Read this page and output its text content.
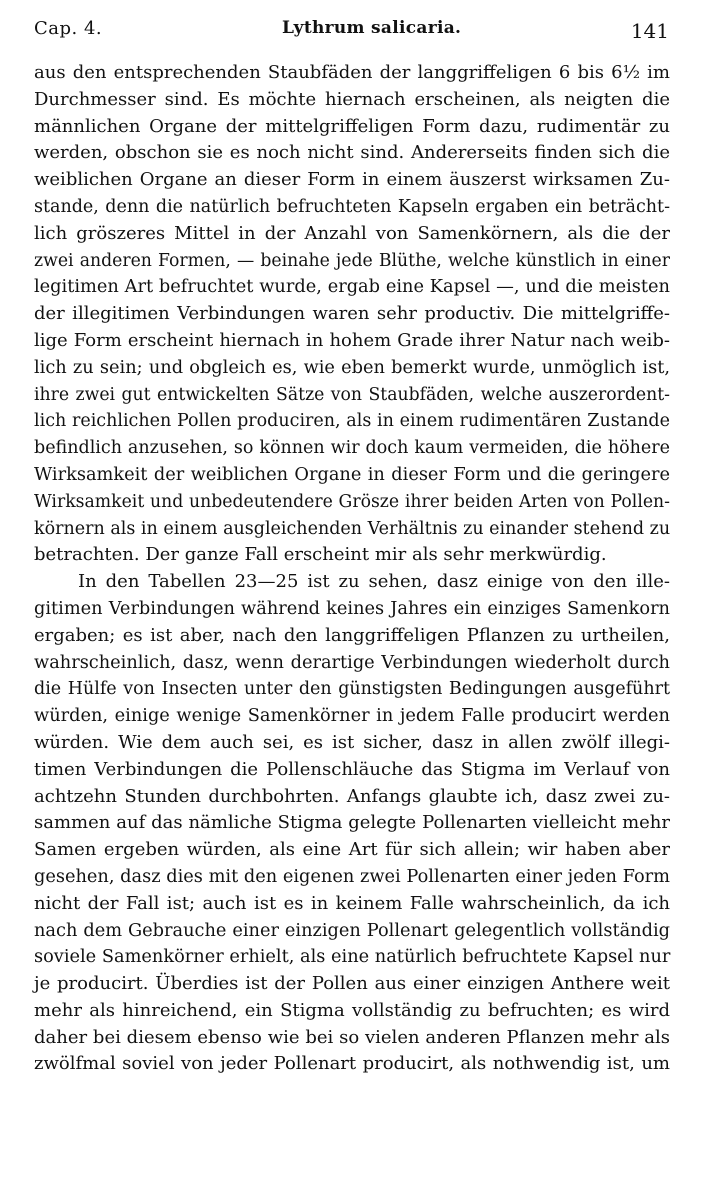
Cap. 4.	Lythrum salicaria.	141
aus den entsprechenden Staubfäden der langgriffeligen 6 bis 6½ im
Durchmesser sind. Es möchte hiernach erscheinen, als neigten die
männlichen Organe der mittelgriffeligen Form dazu, rudimentär zu
werden, obschon sie es noch nicht sind. Andererseits finden sich die
weiblichen Organe an dieser Form in einem äuszerst wirksamen Zu-
stande, denn die natürlich befruchteten Kapseln ergaben ein beträcht-
lich gröszeres Mittel in der Anzahl von Samenkörnern, als die der
zwei anderen Formen, — beinahe jede Blüthe, welche künstlich in einer
legitimen Art befruchtet wurde, ergab eine Kapsel —, und die meisten
der illegitimen Verbindungen waren sehr productiv. Die mittelgriffe-
lige Form erscheint hiernach in hohem Grade ihrer Natur nach weib-
lich zu sein; und obgleich es, wie eben bemerkt wurde, unmöglich ist,
ihre zwei gut entwickelten Sätze von Staubfäden, welche auszerordent-
lich reichlichen Pollen produciren, als in einem rudimentären Zustande
befindlich anzusehen, so können wir doch kaum vermeiden, die höhere
Wirksamkeit der weiblichen Organe in dieser Form und die geringere
Wirksamkeit und unbedeutendere Grösze ihrer beiden Arten von Pollen-
körnern als in einem ausgleichenden Verhältnis zu einander stehend zu
betrachten. Der ganze Fall erscheint mir als sehr merkwürdig.
In den Tabellen 23—25 ist zu sehen, dasz einige von den ille-
gitimen Verbindungen während keines Jahres ein einziges Samenkorn
ergaben; es ist aber, nach den langgriffeligen Pflanzen zu urtheilen,
wahrscheinlich, dasz, wenn derartige Verbindungen wiederholt durch
die Hülfe von Insecten unter den günstigsten Bedingungen ausgeführt
würden, einige wenige Samenkörner in jedem Falle producirt werden
würden. Wie dem auch sei, es ist sicher, dasz in allen zwölf illegi-
timen Verbindungen die Pollenschläuche das Stigma im Verlauf von
achtzehn Stunden durchbohrten. Anfangs glaubte ich, dasz zwei zu-
sammen auf das nämliche Stigma gelegte Pollenarten vielleicht mehr
Samen ergeben würden, als eine Art für sich allein; wir haben aber
gesehen, dasz dies mit den eigenen zwei Pollenarten einer jeden Form
nicht der Fall ist; auch ist es in keinem Falle wahrscheinlich, da ich
nach dem Gebrauche einer einzigen Pollenart gelegentlich vollständig
soviele Samenkörner erhielt, als eine natürlich befruchtete Kapsel nur
je producirt. Überdies ist der Pollen aus einer einzigen Anthere weit
mehr als hinreichend, ein Stigma vollständig zu befruchten; es wird
daher bei diesem ebenso wie bei so vielen anderen Pflanzen mehr als
zwölfmal soviel von jeder Pollenart producirt, als nothwendig ist, um
